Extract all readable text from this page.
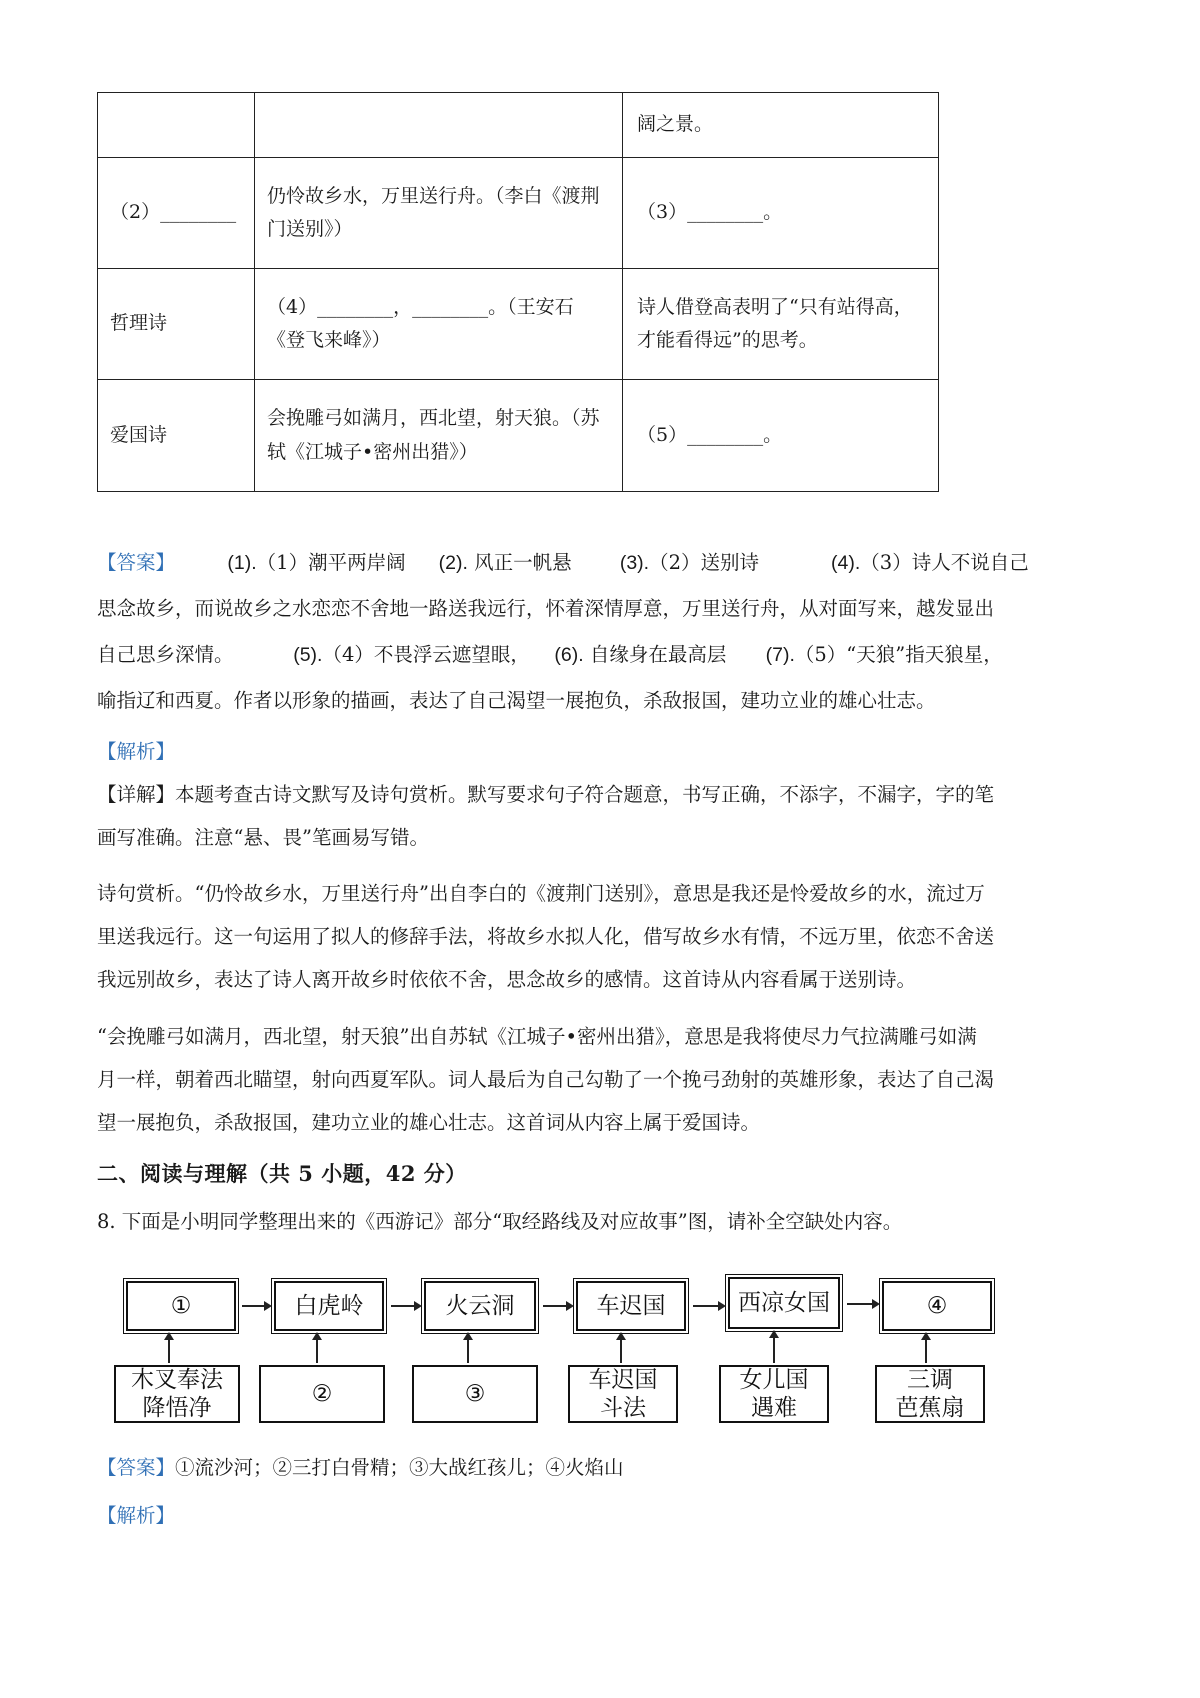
		阔之景。
（2）________	仍怜故乡水，万里送行舟。（李白《渡荆门送别》）	（3）________。
哲理诗	（4）________，________。（王安石《登飞来峰》）	诗人借登高表明了“只有站得高，才能看得远”的思考。
爱国诗	会挽雕弓如满月，西北望，射天狼。（苏轼《江城子•密州出猎》）	（5）________。
【答案】	(1).（1）潮平两岸阔 (2). 风正一帆悬 (3).（2）送别诗	(4).（3）诗人不说自己
思念故乡，而说故乡之水恋恋不舍地一路送我远行，怀着深情厚意，万里送行舟，从对面写来，越发显出
自己思乡深情。	(5).（4）不畏浮云遮望眼， (6). 自缘身在最高层 (7).（5）“天狼”指天狼星，
喻指辽和西夏。作者以形象的描画，表达了自己渴望一展抱负，杀敌报国，建功立业的雄心壮志。
【解析】
【详解】本题考查古诗文默写及诗句赏析。默写要求句子符合题意，书写正确，不添字，不漏字，字的笔
画写准确。注意“悬、畏”笔画易写错。
诗句赏析。“仍怜故乡水，万里送行舟”出自李白的《渡荆门送别》，意思是我还是怜爱故乡的水，流过万
里送我远行。这一句运用了拟人的修辞手法，将故乡水拟人化，借写故乡水有情，不远万里，依恋不舍送
我远别故乡，表达了诗人离开故乡时依依不舍，思念故乡的感情。这首诗从内容看属于送别诗。
“会挽雕弓如满月，西北望，射天狼”出自苏轼《江城子•密州出猎》，意思是我将使尽力气拉满雕弓如满
月一样，朝着西北瞄望，射向西夏军队。词人最后为自己勾勒了一个挽弓劲射的英雄形象，表达了自己渴
望一展抱负，杀敌报国，建功立业的雄心壮志。这首词从内容上属于爱国诗。
二、阅读与理解（共 5 小题，42 分）
8. 下面是小明同学整理出来的《西游记》部分“取经路线及对应故事”图，请补全空缺处内容。
①	白虎岭	火云洞	车迟国	西凉女国	④
木叉奉法
降悟净
②	③
车迟国
斗法
女儿国
遇难
三调
芭蕉扇
【答案】①流沙河；②三打白骨精；③大战红孩儿；④火焰山
【解析】
